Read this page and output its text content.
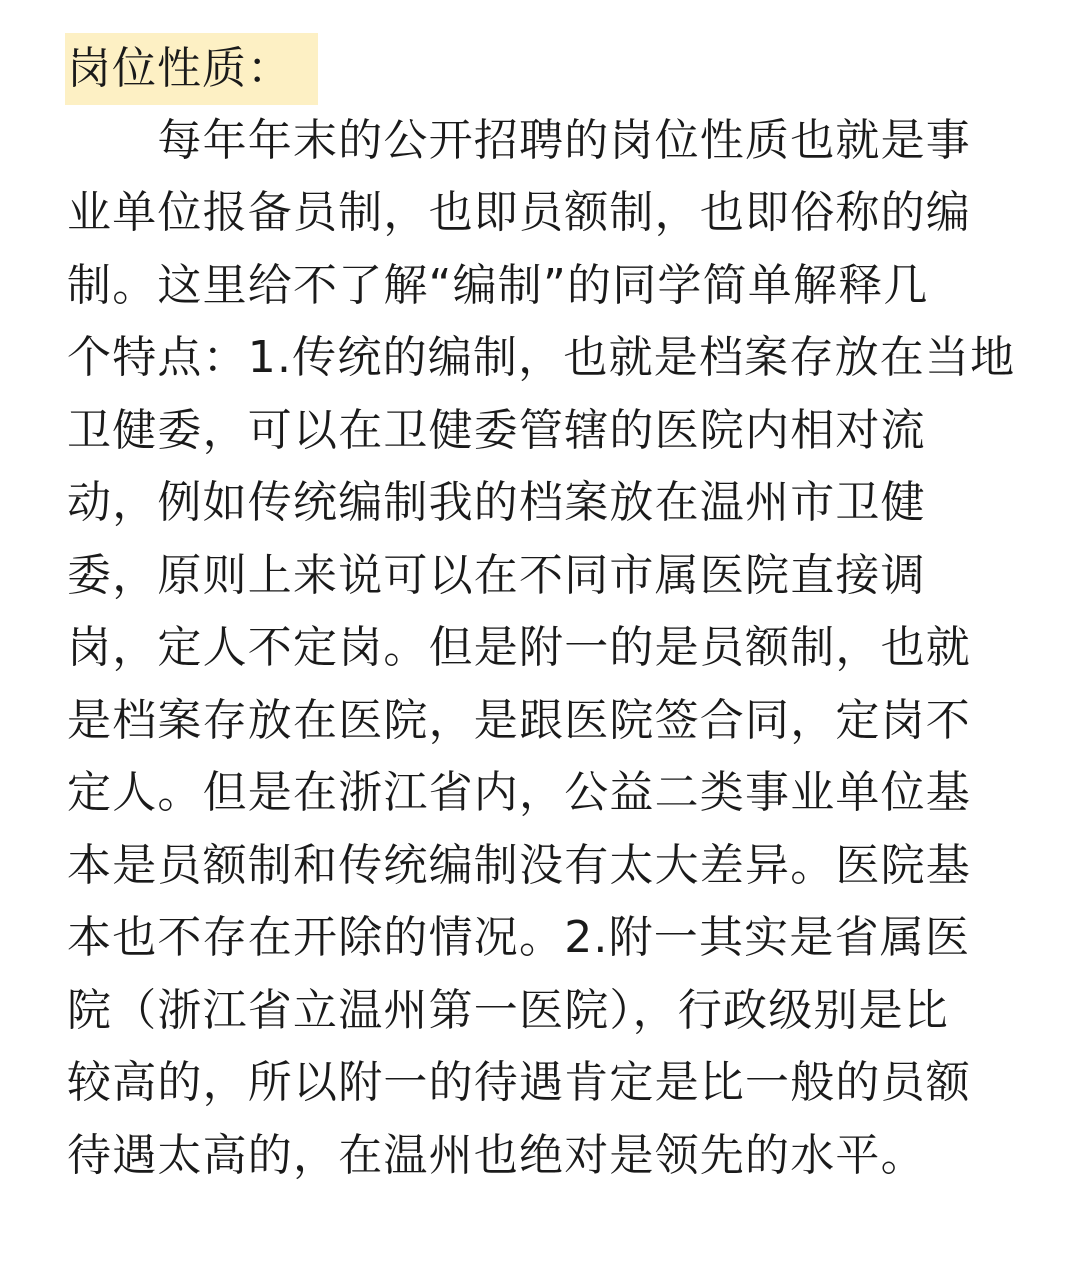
岗位性质：
　　每年年末的公开招聘的岗位性质也就是事
业单位报备员制，也即员额制，也即俗称的编
制。这里给不了解“编制”的同学简单解释几
个特点：1.传统的编制，也就是档案存放在当地
卫健委，可以在卫健委管辖的医院内相对流
动，例如传统编制我的档案放在温州市卫健
委，原则上来说可以在不同市属医院直接调
岗，定人不定岗。但是附一的是员额制，也就
是档案存放在医院，是跟医院签合同，定岗不
定人。但是在浙江省内，公益二类事业单位基
本是员额制和传统编制没有太大差异。医院基
本也不存在开除的情况。2.附一其实是省属医
院（浙江省立温州第一医院），行政级别是比
较高的，所以附一的待遇肯定是比一般的员额
待遇太高的，在温州也绝对是领先的水平。
